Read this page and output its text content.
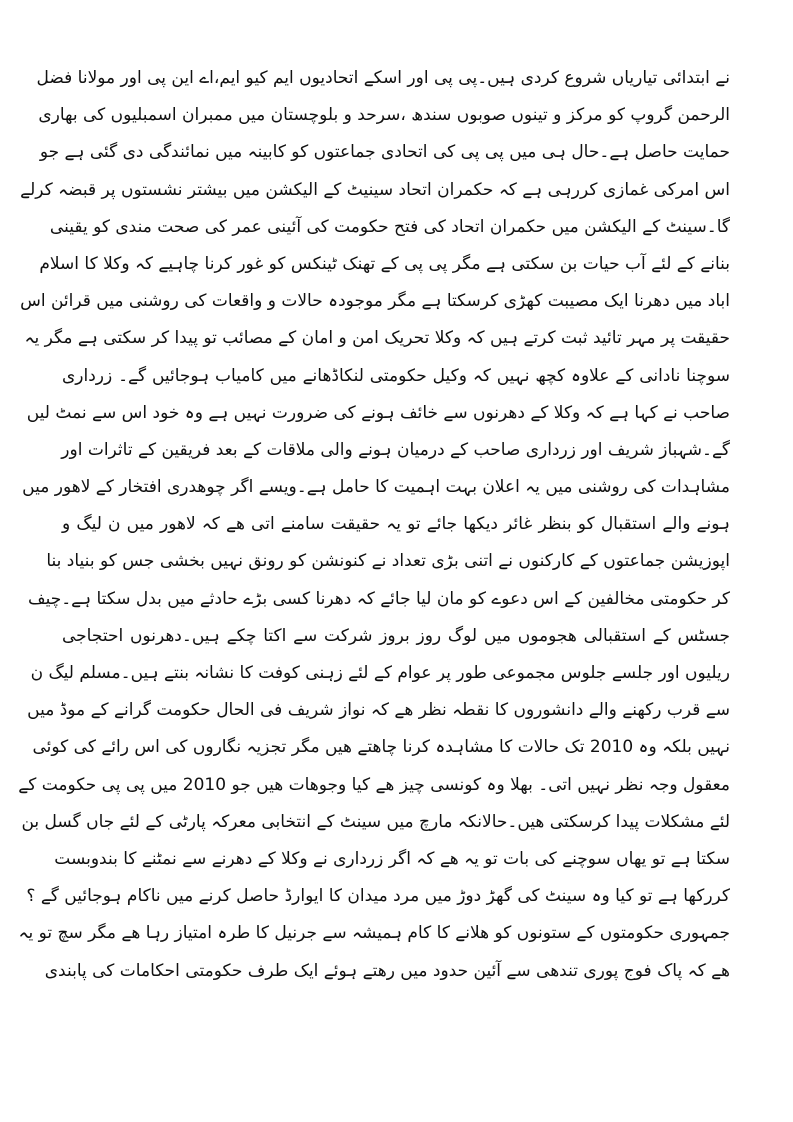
نے ابتدائی تیاریاں شروع کردی ہیں۔پی پی اور اسکے اتحادیوں ایم کیو ایم،اے این پی اور مولانا فضل
الرحمن گروپ کو مرکز و تینوں صوبوں سندھ ،سرحد و بلوچستان میں ممبران اسمبلیوں کی بھاری
حمایت حاصل ہے۔حال ہی میں پی پی کی اتحادی جماعتوں کو کابینہ میں نمائندگی دی گئی ہے جو
اس امرکی غمازی کررہی ہے کہ حکمران اتحاد سینیٹ کے الیکشن میں بیشتر نشستوں پر قبضہ کرلے
گا۔سینٹ کے الیکشن میں حکمران اتحاد کی فتح حکومت کی آئینی عمر کی صحت مندی کو یقینی
بنانے کے لئے آب حیات بن سکتی ہے مگر پی پی کے تھنک ٹینکس کو غور کرنا چاہیے کہ وکلا کا اسلام
اباد میں دھرنا ایک مصیبت کھڑی کرسکتا ہے مگر موجودہ حالات و واقعات کی روشنی میں قرائن اس
حقیقت پر مہر تائید ثبت کرتے ہیں کہ وکلا تحریک امن و امان کے مصائب تو پیدا کر سکتی ہے مگر یہ
سوچنا نادانی کے علاوہ کچھ نہیں کہ وکیل حکومتی لنکاڈھانے میں کامیاب ہوجائیں گے۔ زرداری
صاحب نے کہا ہے کہ وکلا کے دھرنوں سے خائف ہونے کی ضرورت نہیں ہے وہ خود اس سے نمٹ لیں
گے۔شہباز شریف اور زرداری صاحب کے درمیان ہونے والی ملاقات کے بعد فریقین کے تاثرات اور
مشاہدات کی روشنی میں یہ اعلان بہت اہمیت کا حامل ہے۔ویسے اگر چوھدری افتخار کے لاھور میں
ہونے والے استقبال کو بنظر غائر دیکھا جائے تو یہ حقیقت سامنے اتی ھے کہ لاھور میں ن لیگ و
اپوزیشن جماعتوں کے کارکنوں نے اتنی بڑی تعداد نے کنونشن کو رونق نہیں بخشی جس کو بنیاد بنا
کر حکومتی مخالفین کے اس دعوے کو مان لیا جائے کہ دھرنا کسی بڑے حادثے میں بدل سکتا ہے۔چیف
جسٹس کے استقبالی ھجوموں میں لوگ روز بروز شرکت سے اکتا چکے ہیں۔دھرنوں احتجاجی
ریلیوں اور جلسے جلوس مجموعی طور پر عوام کے لئے زہنی کوفت کا نشانہ بنتے ہیں۔مسلم لیگ ن
سے قرب رکھنے والے دانشوروں کا نقطہ نظر ھے کہ نواز شریف فی الحال حکومت گرانے کے موڈ میں
نہیں بلکہ وہ 2010 تک حالات کا مشاہدہ کرنا چاھتے ھیں مگر تجزیہ نگاروں کی اس رائے کی کوئی
معقول وجہ نظر نہیں اتی۔ بھلا وہ کونسی چیز ھے کیا وجوھات ھیں جو 2010 میں پی پی حکومت کے
لئے مشکلات پیدا کرسکتی ھیں۔حالانکہ مارچ میں سینٹ کے انتخابی معرکہ پارٹی کے لئے جاں گسل بن
سکتا ہے تو یھاں سوچنے کی بات تو یہ ھے کہ اگر زرداری نے وکلا کے دھرنے سے نمٹنے کا بندوبست
کررکھا ہے تو کیا وہ سینٹ کی گھڑ دوڑ میں مرد میدان کا ایوارڈ حاصل کرنے میں ناکام ہوجائیں گے ؟
جمہوری حکومتوں کے ستونوں کو ھلانے کا کام ہمیشہ سے جرنیل کا طرہ امتیاز رہا ھے مگر سچ تو یہ
ھے کہ پاک فوج پوری تندھی سے آئین حدود میں رھتے ہوئے ایک طرف حکومتی احکامات کی پابندی
